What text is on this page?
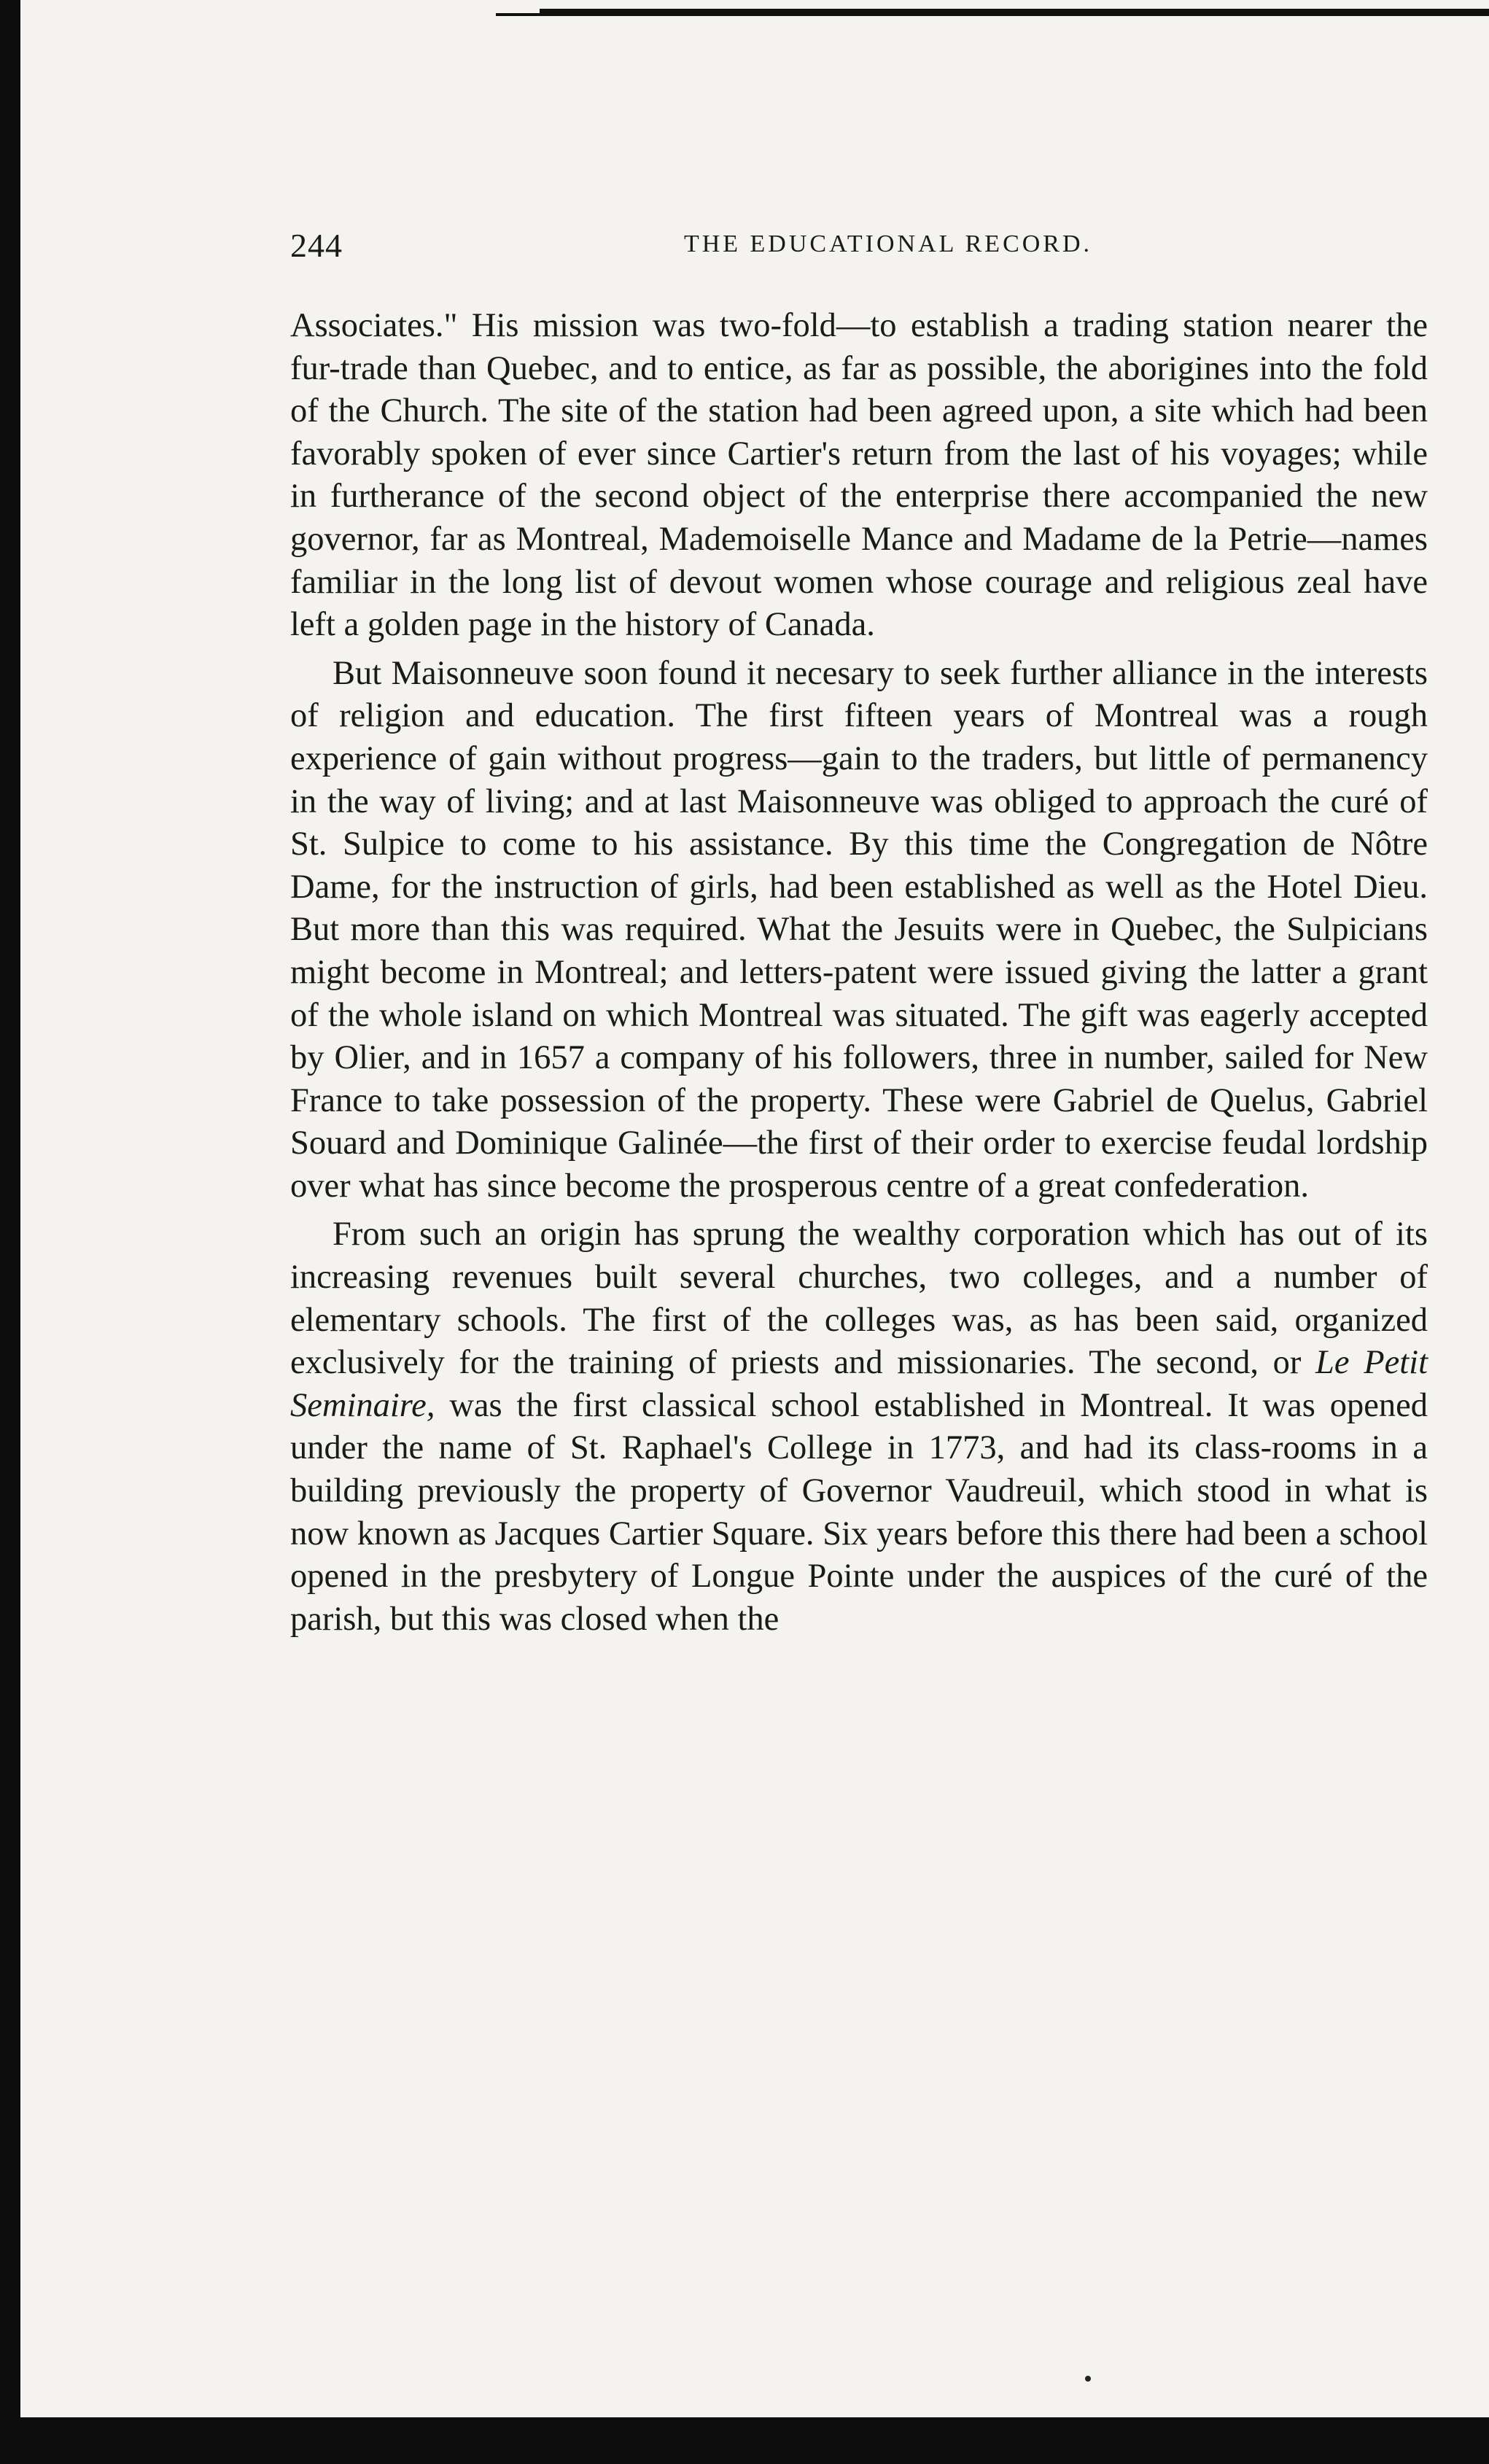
244	THE EDUCATIONAL RECORD.

Associates." His mission was two-fold—to establish a trading station nearer the fur-trade than Quebec, and to entice, as far as possible, the aborigines into the fold of the Church. The site of the station had been agreed upon, a site which had been favorably spoken of ever since Cartier's return from the last of his voyages; while in furtherance of the second object of the enterprise there accompanied the new governor, far as Montreal, Mademoiselle Mance and Madame de la Petrie—names familiar in the long list of devout women whose courage and religious zeal have left a golden page in the history of Canada.

But Maisonneuve soon found it necesary to seek further alliance in the interests of religion and education. The first fifteen years of Montreal was a rough experience of gain without progress—gain to the traders, but little of permanency in the way of living; and at last Maisonneuve was obliged to approach the curé of St. Sulpice to come to his assistance. By this time the Congregation de Nôtre Dame, for the instruction of girls, had been established as well as the Hotel Dieu. But more than this was required. What the Jesuits were in Quebec, the Sulpicians might become in Montreal; and letters-patent were issued giving the latter a grant of the whole island on which Montreal was situated. The gift was eagerly accepted by Olier, and in 1657 a company of his followers, three in number, sailed for New France to take possession of the property. These were Gabriel de Quelus, Gabriel Souard and Dominique Galinée—the first of their order to exercise feudal lordship over what has since become the prosperous centre of a great confederation.

From such an origin has sprung the wealthy corporation which has out of its increasing revenues built several churches, two colleges, and a number of elementary schools. The first of the colleges was, as has been said, organized exclusively for the training of priests and missionaries. The second, or Le Petit Seminaire, was the first classical school established in Montreal. It was opened under the name of St. Raphael's College in 1773, and had its class-rooms in a building previously the property of Governor Vaudreuil, which stood in what is now known as Jacques Cartier Square. Six years before this there had been a school opened in the presbytery of Longue Pointe under the auspices of the curé of the parish, but this was closed when the
